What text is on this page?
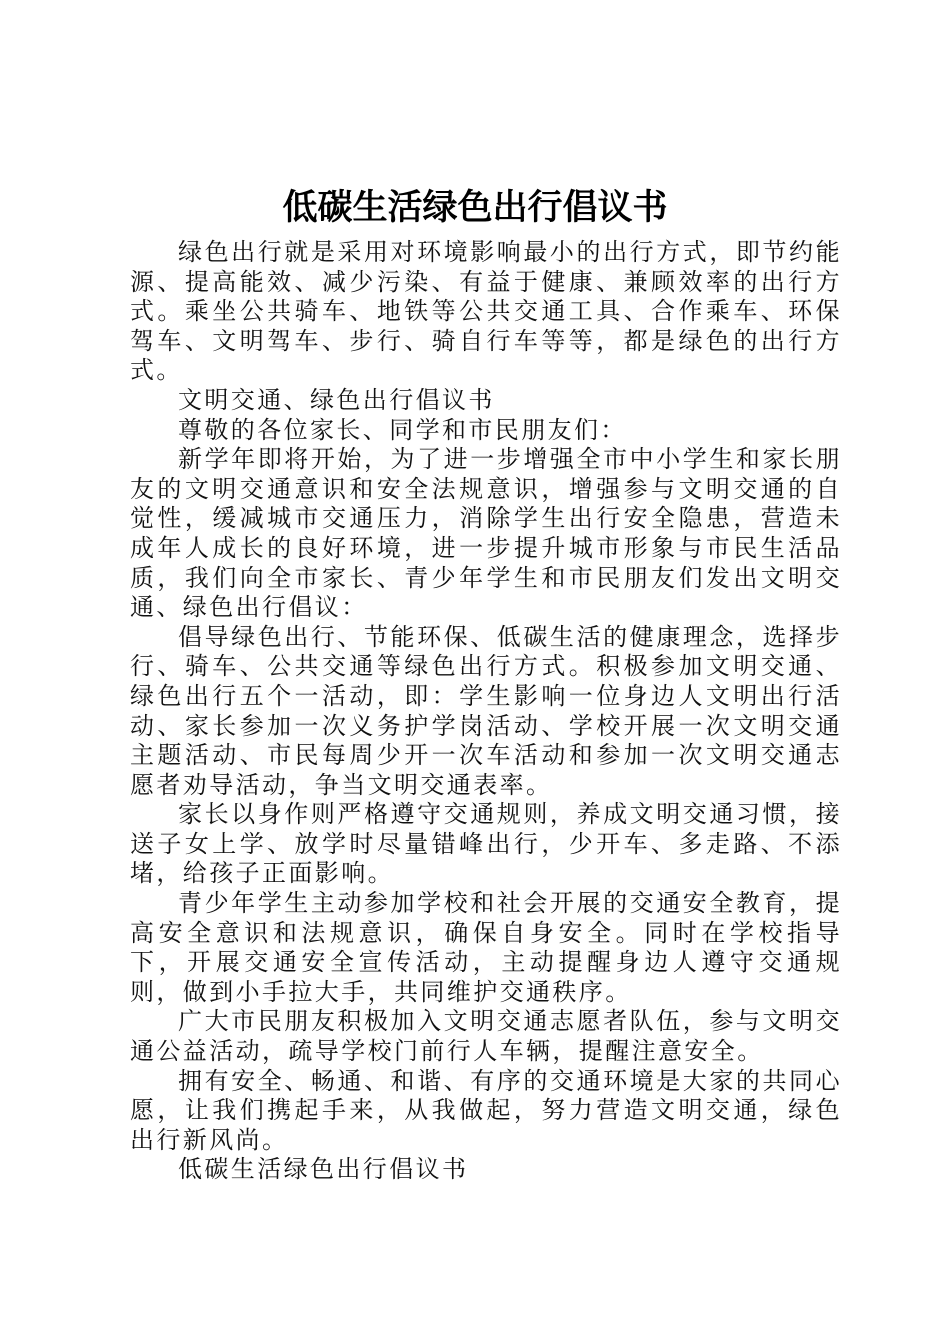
低碳生活绿色出行倡议书

绿色出行就是采用对环境影响最小的出行方式，即节约能源、提高能效、减少污染、有益于健康、兼顾效率的出行方式。乘坐公共骑车、地铁等公共交通工具、合作乘车、环保驾车、文明驾车、步行、骑自行车等等，都是绿色的出行方式。

文明交通、绿色出行倡议书

尊敬的各位家长、同学和市民朋友们：

新学年即将开始，为了进一步增强全市中小学生和家长朋友的文明交通意识和安全法规意识，增强参与文明交通的自觉性，缓减城市交通压力，消除学生出行安全隐患，营造未成年人成长的良好环境，进一步提升城市形象与市民生活品质，我们向全市家长、青少年学生和市民朋友们发出文明交通、绿色出行倡议：

倡导绿色出行、节能环保、低碳生活的健康理念，选择步行、骑车、公共交通等绿色出行方式。积极参加文明交通、绿色出行五个一活动，即：学生影响一位身边人文明出行活动、家长参加一次义务护学岗活动、学校开展一次文明交通主题活动、市民每周少开一次车活动和参加一次文明交通志愿者劝导活动，争当文明交通表率。

家长以身作则严格遵守交通规则，养成文明交通习惯，接送子女上学、放学时尽量错峰出行，少开车、多走路、不添堵，给孩子正面影响。

青少年学生主动参加学校和社会开展的交通安全教育，提高安全意识和法规意识，确保自身安全。同时在学校指导下，开展交通安全宣传活动，主动提醒身边人遵守交通规则，做到小手拉大手，共同维护交通秩序。

广大市民朋友积极加入文明交通志愿者队伍，参与文明交通公益活动，疏导学校门前行人车辆，提醒注意安全。

拥有安全、畅通、和谐、有序的交通环境是大家的共同心愿，让我们携起手来，从我做起，努力营造文明交通，绿色出行新风尚。

低碳生活绿色出行倡议书
